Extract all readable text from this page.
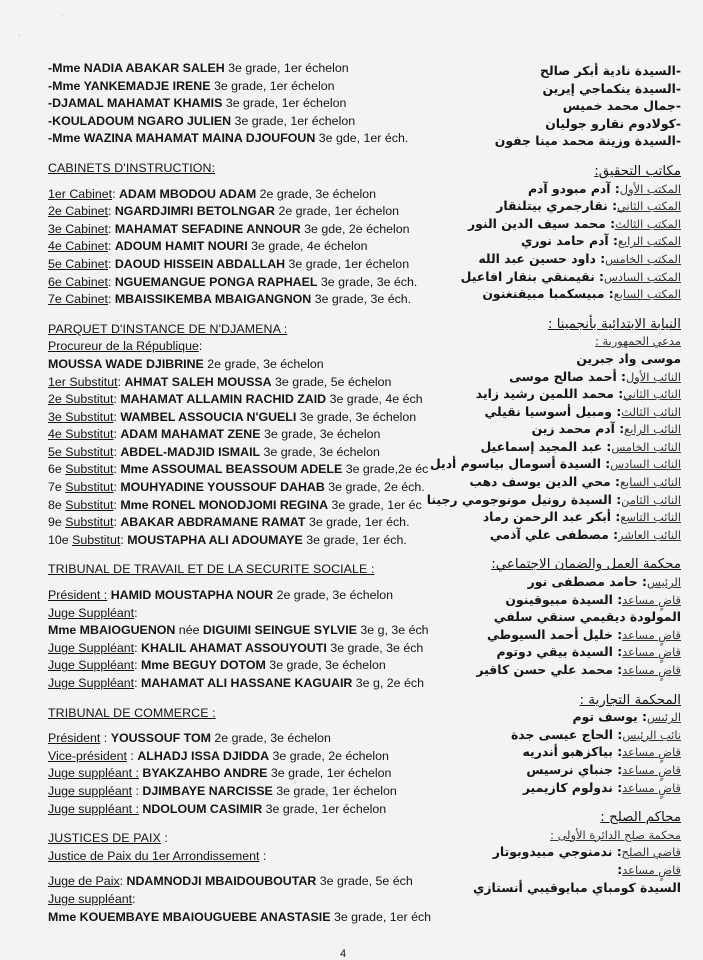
`
'
-Mme NADIA ABAKAR SALEH 3e grade, 1er échelon
-Mme YANKEMADJE IRENE 3e grade, 1er échelon
-DJAMAL MAHAMAT KHAMIS 3e grade, 1er échelon
-KOULADOUM NGARO JULIEN 3e grade, 1er échelon
-Mme WAZINA MAHAMAT MAINA DJOUFOUN 3e gde, 1er éch.
CABINETS D'INSTRUCTION:
1er Cabinet: ADAM MBODOU ADAM 2e grade, 3e échelon
2e Cabinet: NGARDJIMRI BETOLNGAR 2e grade, 1er échelon
3e Cabinet: MAHAMAT SEFADINE ANNOUR 3e gde, 2e échelon
4e Cabinet: ADOUM HAMIT NOURI 3e grade, 4e échelon
5e Cabinet: DAOUD HISSEIN ABDALLAH 3e grade, 1er échelon
6e Cabinet: NGUEMANGUE PONGA RAPHAEL 3e grade, 3e éch.
7e Cabinet: MBAISSIKEMBA MBAIGANGNON 3e grade, 3e éch.
PARQUET D'INSTANCE DE N'DJAMENA :
Procureur de la République:
MOUSSA WADE DJIBRINE 2e grade, 3e échelon
1er Substitut: AHMAT SALEH MOUSSA 3e grade, 5e échelon
2e Substitut: MAHAMAT ALLAMIN RACHID ZAID 3e grade, 4e éch
3e Substitut: WAMBEL ASSOUCIA N'GUELI 3e grade, 3e échelon
4e Substitut: ADAM MAHAMAT ZENE 3e grade, 3e échelon
5e Substitut: ABDEL-MADJID ISMAIL 3e grade, 3e échelon
6e Substitut: Mme ASSOUMAL BEASSOUM ADELE 3e grade,2e éc
7e Substitut: MOUHYADINE YOUSSOUF DAHAB 3e grade, 2e éch.
8e Substitut: Mme RONEL MONODJOMI REGINA 3e grade, 1er éc
9e Substitut: ABAKAR ABDRAMANE RAMAT 3e grade, 1er éch.
10e Substitut: MOUSTAPHA ALI ADOUMAYE 3e grade, 1er éch.
TRIBUNAL DE TRAVAIL ET DE LA SECURITE SOCIALE :
Président : HAMID MOUSTAPHA NOUR 2e grade, 3e échelon
Juge Suppléant:
Mme MBAIOGUENON née DIGUIMI SEINGUE SYLVIE 3e g, 3e éch
Juge Suppléant: KHALIL AHAMAT ASSOUYOUTI 3e grade, 3e éch
Juge Suppléant: Mme BEGUY DOTOM 3e grade, 3e échelon
Juge Suppléant: MAHAMAT ALI HASSANE KAGUAIR 3e g, 2e éch
TRIBUNAL DE COMMERCE :
Président : YOUSSOUF TOM 2e grade, 3e échelon
Vice-président : ALHADJ ISSA DJIDDA 3e grade, 2e échelon
Juge suppléant : BYAKZAHBO ANDRE 3e grade, 1er échelon
Juge suppléant : DJIMBAYE NARCISSE 3e grade, 1er échelon
Juge suppléant : NDOLOUM CASIMIR 3e grade, 1er échelon
JUSTICES DE PAIX :
Justice de Paix du 1er Arrondissement :
Juge de Paix: NDAMNODJI MBAIDOUBOUTAR 3e grade, 5e éch
Juge suppléant:
Mme KOUEMBAYE MBAIOUGUEBE ANASTASIE 3e grade, 1er éch
-السيدة نادية أبكر صالح
-السيدة ينكماجي إيرين
-جمال محمد خميس
-كولادوم نقارو جوليان
-السيدة وزينة محمد مينا جفون
مكاتب التحقيق:
المكتب الأول: آدم مبودو آدم
المكتب الثاني: نقارجمري بيتلنقار
المكتب الثالث: محمد سيف الدين النور
المكتب الرابع: آدم حامد نوري
المكتب الخامس: داود حسين عبد الله
المكتب السادس: نقيمنقي بنقار افاعيل
المكتب السابع: مبيسكمبا مبيقنغنون
النيابة الابتدائية بأنجمينا :
مدعي الجمهورية :
موسى واد جبرين
النائب الأول: أحمد صالح موسى
النائب الثاني: محمد اللمين رشيد زايد
النائب الثالث: ومبيل أسوسيا نقيلي
النائب الرابع: آدم محمد زين
النائب الخامس: عبد المجيد إسماعيل
النائب السادس: السيدة أسومال بياسوم أديل
النائب السابع: محي الدين يوسف دهب
النائب الثامن: السيدة رونيل مونوجومي رجينا
النائب التاسع: أبكر عبد الرحمن رماد
النائب العاشر: مصطفى علي آذمي
محكمة العمل والضمان الاجتماعي:
الرئيس: حامد مصطفى نور
قاضٍ مساعد: السيدة مبيوقينون
المولودة ديقيمي سنقي سلفي
قاضٍ مساعد: خليل أحمد السيوطي
قاضٍ مساعد: السيدة بيقي دوتوم
قاضٍ مساعد: محمد علي حسن كاقير
المحكمة التجارية :
الرئيس: يوسف توم
نائب الرئيس: الحاج عيسى جدة
قاضٍ مساعد: بياكزهبو أندريه
قاضٍ مساعد: جنباي نرسيس
قاضٍ مساعد: ندولوم كازيمير
محاكم الصلح :
محكمة صلح الدائرة الأولى :
قاضي الصلح: ندمنوجي مبيدوبوتار
قاضٍ مساعد:
السيدة كومباي مبايوقيبي أنستازي
4
